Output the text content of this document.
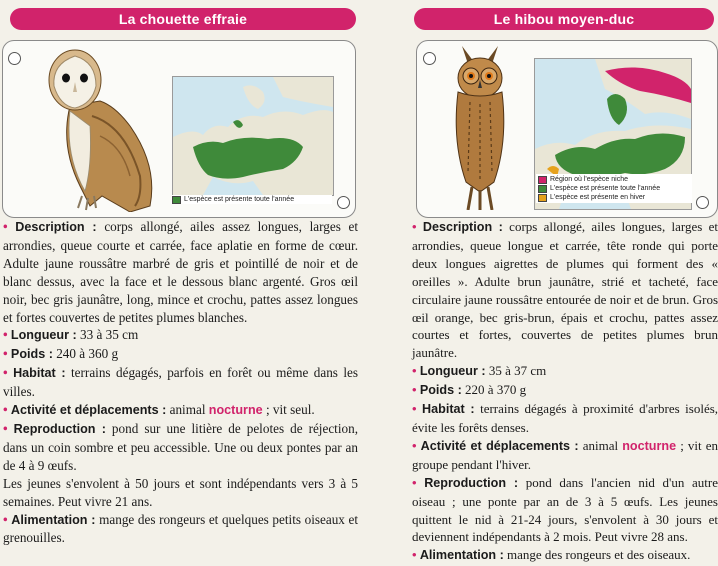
La chouette effraie
L'espèce est présente toute l'année

• Description : corps allongé, ailes assez longues, larges et arrondies, queue courte et carrée, face aplatie en forme de cœur. Adulte jaune roussâtre marbré de gris et pointillé de noir et de blanc dessus, avec la face et le dessous blanc argenté. Gros œil noir, bec gris jaunâtre, long, mince et crochu, pattes assez longues et fortes couvertes de petites plumes blanches.

• Longueur : 33 à 35 cm

• Poids : 240 à 360 g

• Habitat : terrains dégagés, parfois en forêt ou même dans les villes.

• Activité et déplacements : animal nocturne ; vit seul.

• Reproduction : pond sur une litière de pelotes de réjection, dans un coin sombre et peu accessible. Une ou deux pontes par an de 4 à 9 œufs.

Les jeunes s'envolent à 50 jours et sont indépendants vers 3 à 5 semaines. Peut vivre 21 ans.

• Alimentation : mange des rongeurs et quelques petits oiseaux et grenouilles.

Le hibou moyen-duc
Région où l'espèce niche
L'espèce est présente toute l'année
L'espèce est présente en hiver

• Description : corps allongé, ailes longues, larges et arrondies, queue longue et carrée, tête ronde qui porte deux longues aigrettes de plumes qui forment des « oreilles ». Adulte brun jaunâtre, strié et tacheté, face circulaire jaune roussâtre entourée de noir et de brun. Gros œil orange, bec gris-brun, épais et crochu, pattes assez courtes et fortes, couvertes de petites plumes brun jaunâtre.

• Longueur : 35 à 37 cm

• Poids : 220 à 370 g

• Habitat : terrains dégagés à proximité d'arbres isolés, évite les forêts denses.

• Activité et déplacements : animal nocturne ; vit en groupe pendant l'hiver.

• Reproduction : pond dans l'ancien nid d'un autre oiseau ; une ponte par an de 3 à 5 œufs. Les jeunes quittent le nid à 21-24 jours, s'envolent à 30 jours et deviennent indépendants à 2 mois. Peut vivre 28 ans.

• Alimentation : mange des rongeurs et des oiseaux.
